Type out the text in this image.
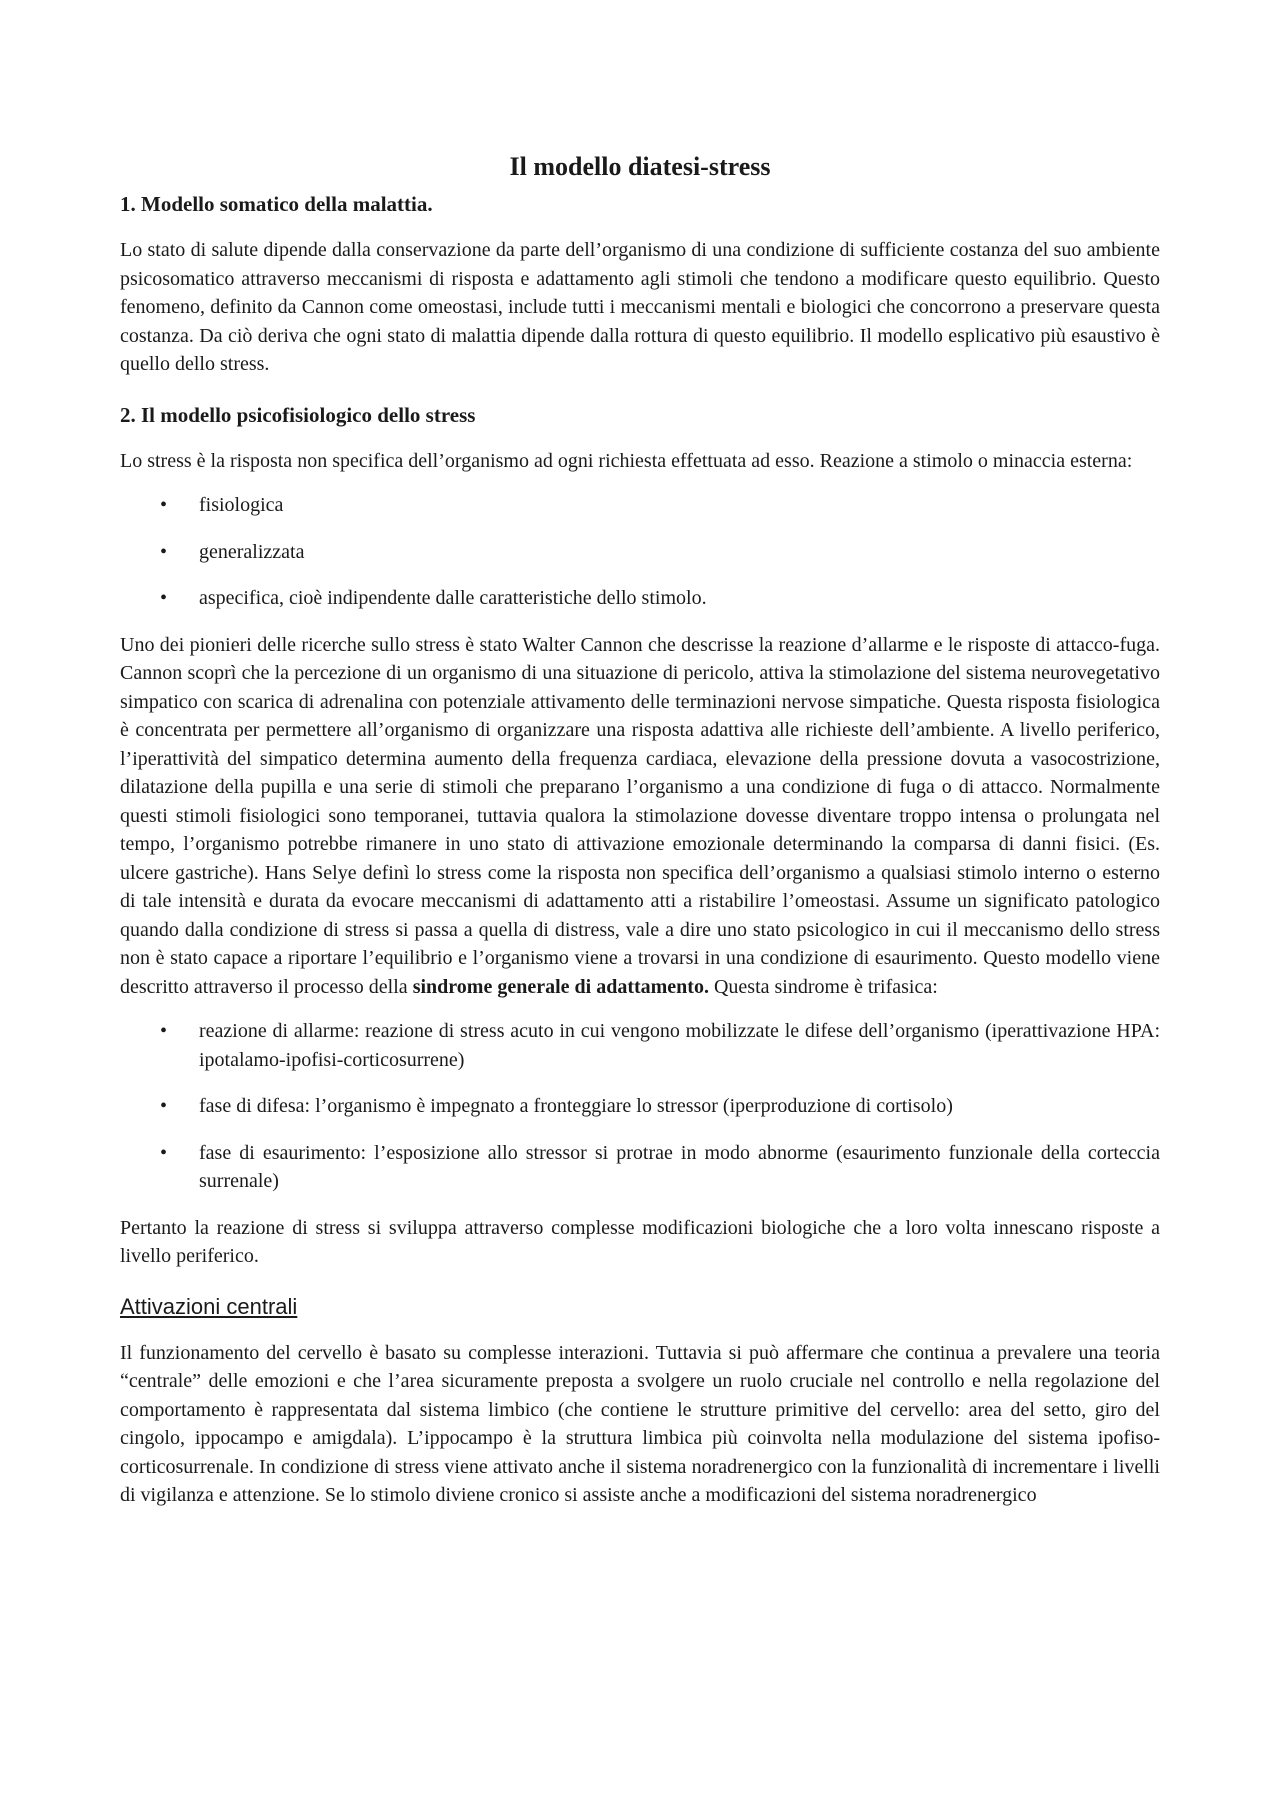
Il modello diatesi-stress
1. Modello somatico della malattia.

Lo stato di salute dipende dalla conservazione da parte dell’organismo di una condizione di sufficiente costanza del suo ambiente psicosomatico attraverso meccanismi di risposta e adattamento agli stimoli che tendono a modificare questo equilibrio. Questo fenomeno, definito da Cannon come omeostasi, include tutti i meccanismi mentali e biologici che concorrono a preservare questa costanza. Da ciò deriva che ogni stato di malattia dipende dalla rottura di questo equilibrio. Il modello esplicativo più esaustivo è quello dello stress.

2. Il modello psicofisiologico dello stress

Lo stress è la risposta non specifica dell’organismo ad ogni richiesta effettuata ad esso. Reazione a stimolo o minaccia esterna:

• fisiologica
• generalizzata
• aspecifica, cioè indipendente dalle caratteristiche dello stimolo.

Uno dei pionieri delle ricerche sullo stress è stato Walter Cannon che descrisse la reazione d’allarme e le risposte di attacco-fuga. Cannon scoprì che la percezione di un organismo di una situazione di pericolo, attiva la stimolazione del sistema neurovegetativo simpatico con scarica di adrenalina con potenziale attivamento delle terminazioni nervose simpatiche. Questa risposta fisiologica è concentrata per permettere all’organismo di organizzare una risposta adattiva alle richieste dell’ambiente. A livello periferico, l’iperattività del simpatico determina aumento della frequenza cardiaca, elevazione della pressione dovuta a vasocostrizione, dilatazione della pupilla e una serie di stimoli che preparano l’organismo a una condizione di fuga o di attacco. Normalmente questi stimoli fisiologici sono temporanei, tuttavia qualora la stimolazione dovesse diventare troppo intensa o prolungata nel tempo, l’organismo potrebbe rimanere in uno stato di attivazione emozionale determinando la comparsa di danni fisici. (Es. ulcere gastriche). Hans Selye definì lo stress come la risposta non specifica dell’organismo a qualsiasi stimolo interno o esterno di tale intensità e durata da evocare meccanismi di adattamento atti a ristabilire l’omeostasi. Assume un significato patologico quando dalla condizione di stress si passa a quella di distress, vale a dire uno stato psicologico in cui il meccanismo dello stress non è stato capace a riportare l’equilibrio e l’organismo viene a trovarsi in una condizione di esaurimento. Questo modello viene descritto attraverso il processo della sindrome generale di adattamento. Questa sindrome è trifasica:

• reazione di allarme: reazione di stress acuto in cui vengono mobilizzate le difese dell’organismo (iperattivazione HPA: ipotalamo-ipofisi-corticosurrene)
• fase di difesa: l’organismo è impegnato a fronteggiare lo stressor (iperproduzione di cortisolo)
• fase di esaurimento: l’esposizione allo stressor si protrae in modo abnorme (esaurimento funzionale della corteccia surrenale)

Pertanto la reazione di stress si sviluppa attraverso complesse modificazioni biologiche che a loro volta innescano risposte a livello periferico.

Attivazioni centrali

Il funzionamento del cervello è basato su complesse interazioni. Tuttavia si può affermare che continua a prevalere una teoria “centrale” delle emozioni e che l’area sicuramente preposta a svolgere un ruolo cruciale nel controllo e nella regolazione del comportamento è rappresentata dal sistema limbico (che contiene le strutture primitive del cervello: area del setto, giro del cingolo, ippocampo e amigdala). L’ippocampo è la struttura limbica più coinvolta nella modulazione del sistema ipofiso-corticosurrenale. In condizione di stress viene attivato anche il sistema noradrenergico con la funzionalità di incrementare i livelli di vigilanza e attenzione. Se lo stimolo diviene cronico si assiste anche a modificazioni del sistema noradrenergico
